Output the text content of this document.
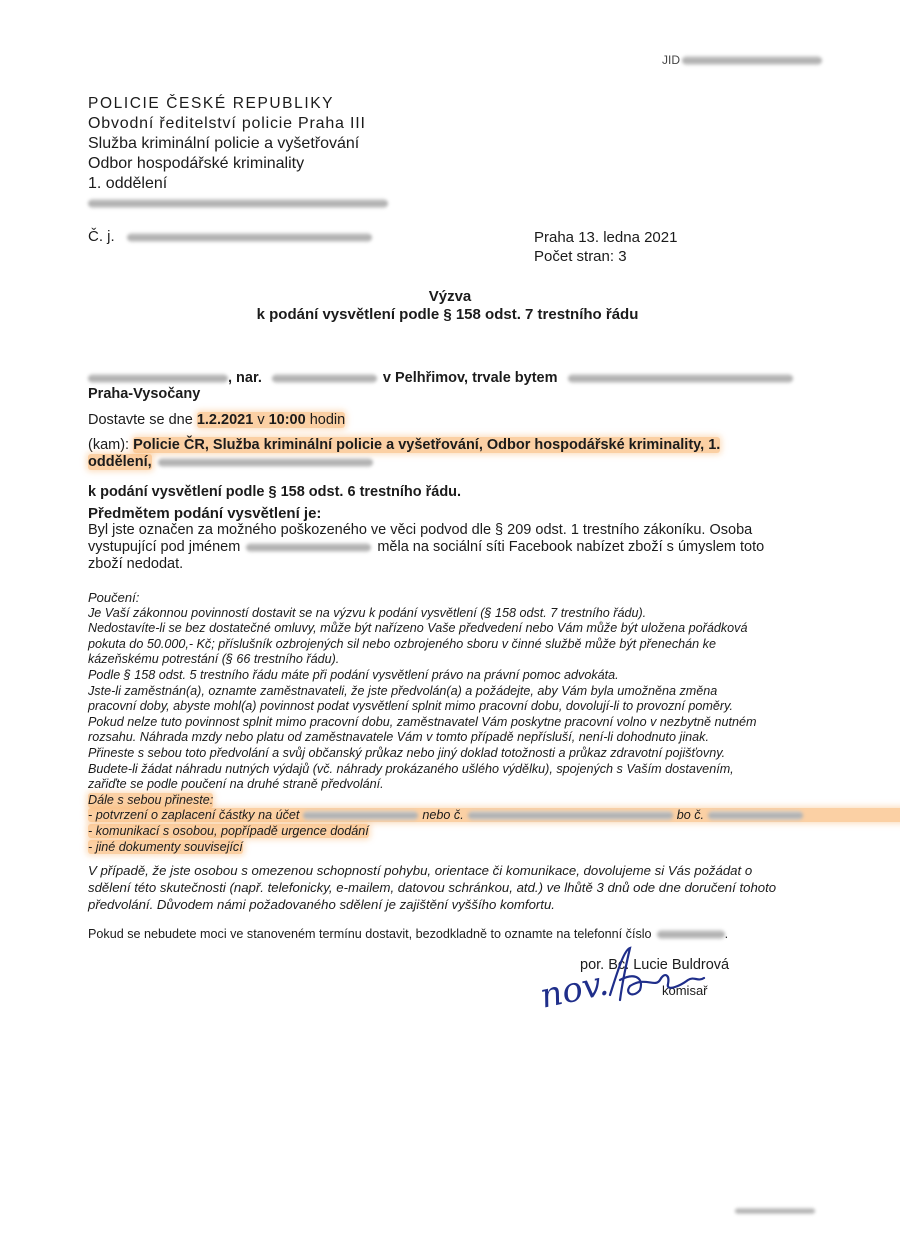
JID
POLICIE ČESKÉ REPUBLIKY
Obvodní ředitelství policie Praha III
Služba kriminální policie a vyšetřování
Odbor hospodářské kriminality
1. oddělení
Č. j.	Praha 13. ledna 2021
Počet stran: 3
Výzva
k podání vysvětlení podle § 158 odst. 7 trestního řádu
, nar.	v Pelhřimov, trvale bytem
Praha-Vysočany
Dostavte se dne 1.2.2021 v 10:00 hodin
(kam): Policie ČR, Služba kriminální policie a vyšetřování, Odbor hospodářské kriminality, 1.
oddělení,
k podání vysvětlení podle § 158 odst. 6 trestního řádu.
Předmětem podání vysvětlení je:
Byl jste označen za možného poškozeného ve věci podvod dle § 209 odst. 1 trestního zákoníku. Osoba
vystupující pod jménem	měla na sociální síti Facebook nabízet zboží s úmyslem toto
zboží nedodat.
Poučení:
Je Vaší zákonnou povinností dostavit se na výzvu k podání vysvětlení (§ 158 odst. 7 trestního řádu).
Nedostavíte-li se bez dostatečné omluvy, může být nařízeno Vaše předvedení nebo Vám může být uložena pořádková
pokuta do 50.000,- Kč; příslušník ozbrojených sil nebo ozbrojeného sboru v činné službě může být přenechán ke
kázeňskému potrestání (§ 66 trestního řádu).
Podle § 158 odst. 5 trestního řádu máte při podání vysvětlení právo na právní pomoc advokáta.
Jste-li zaměstnán(a), oznamte zaměstnavateli, že jste předvolán(a) a požádejte, aby Vám byla umožněna změna
pracovní doby, abyste mohl(a) povinnost podat vysvětlení splnit mimo pracovní dobu, dovolují-li to provozní poměry.
Pokud nelze tuto povinnost splnit mimo pracovní dobu, zaměstnavatel Vám poskytne pracovní volno v nezbytně nutném
rozsahu. Náhrada mzdy nebo platu od zaměstnavatele Vám v tomto případě nepřísluší, není-li dohodnuto jinak.
Přineste s sebou toto předvolání a svůj občanský průkaz nebo jiný doklad totožnosti a průkaz zdravotní pojišťovny.
Budete-li žádat náhradu nutných výdajů (vč. náhrady prokázaného ušlého výdělku), spojených s Vaším dostavením,
zařiďte se podle poučení na druhé straně předvolání.
Dále s sebou přineste:
- potvrzení o zaplacení částky na účet	nebo č.	bo č.
- komunikací s osobou, popřípadě urgence dodání
- jiné dokumenty související
V případě, že jste osobou s omezenou schopností pohybu, orientace či komunikace, dovolujeme si Vás požádat o
sdělení této skutečnosti (např. telefonicky, e-mailem, datovou schránkou, atd.) ve lhůtě 3 dnů ode dne doručení tohoto
předvolání. Důvodem námi požadovaného sdělení je zajištění vyššího komfortu.
Pokud se nebudete moci ve stanoveném termínu dostavit, bezodkladně to oznamte na telefonní číslo	.
por. Bc. Lucie Buldrová
komisař
nov.
